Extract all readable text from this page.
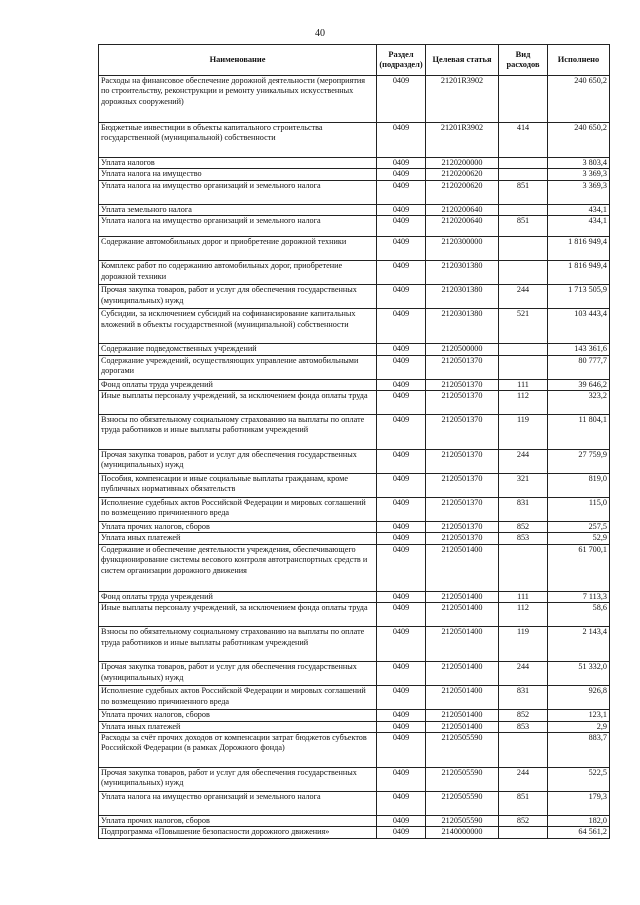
40
Наименование	Раздел (подраздел)	Целевая статья	Вид расходов	Исполнено
Расходы на финансовое обеспечение дорожной деятельности (мероприятия по строительству, реконструкции и ремонту уникальных искусственных дорожных сооружений)	0409	21201R3902		240 650,2
Бюджетные инвестиции в объекты капитального строительства государственной (муниципальной) собственности	0409	21201R3902	414	240 650,2
Уплата налогов	0409	2120200000		3 803,4
Уплата налога на имущество	0409	2120200620		3 369,3
Уплата налога на имущество организаций и земельного налога	0409	2120200620	851	3 369,3
Уплата земельного налога	0409	2120200640		434,1
Уплата налога на имущество организаций и земельного налога	0409	2120200640	851	434,1
Содержание автомобильных дорог и приобретение дорожной техники	0409	2120300000		1 816 949,4
Комплекс работ по содержанию автомобильных дорог, приобретение дорожной техники	0409	2120301380		1 816 949,4
Прочая закупка товаров, работ и услуг для обеспечения государственных (муниципальных) нужд	0409	2120301380	244	1 713 505,9
Субсидии, за исключением субсидий на софинансирование капитальных вложений в объекты государственной (муниципальной) собственности	0409	2120301380	521	103 443,4
Содержание подведомственных учреждений	0409	2120500000		143 361,6
Содержание учреждений, осуществляющих управление автомобильными дорогами	0409	2120501370		80 777,7
Фонд оплаты труда учреждений	0409	2120501370	111	39 646,2
Иные выплаты персоналу учреждений, за исключением фонда оплаты труда	0409	2120501370	112	323,2
Взносы по обязательному социальному страхованию на выплаты по оплате труда работников и иные выплаты работникам учреждений	0409	2120501370	119	11 804,1
Прочая закупка товаров, работ и услуг для обеспечения государственных (муниципальных) нужд	0409	2120501370	244	27 759,9
Пособия, компенсации и иные социальные выплаты гражданам, кроме публичных нормативных обязательств	0409	2120501370	321	819,0
Исполнение судебных актов Российской Федерации и мировых соглашений по возмещению причиненного вреда	0409	2120501370	831	115,0
Уплата прочих налогов, сборов	0409	2120501370	852	257,5
Уплата иных платежей	0409	2120501370	853	52,9
Содержание и обеспечение деятельности учреждения, обеспечивающего функционирование системы весового контроля автотранспортных средств и систем организации дорожного движения	0409	2120501400		61 700,1
Фонд оплаты труда учреждений	0409	2120501400	111	7 113,3
Иные выплаты персоналу учреждений, за исключением фонда оплаты труда	0409	2120501400	112	58,6
Взносы по обязательному социальному страхованию на выплаты по оплате труда работников и иные выплаты работникам учреждений	0409	2120501400	119	2 143,4
Прочая закупка товаров, работ и услуг для обеспечения государственных (муниципальных) нужд	0409	2120501400	244	51 332,0
Исполнение судебных актов Российской Федерации и мировых соглашений по возмещению причиненного вреда	0409	2120501400	831	926,8
Уплата прочих налогов, сборов	0409	2120501400	852	123,1
Уплата иных платежей	0409	2120501400	853	2,9
Расходы за счёт прочих доходов от компенсации затрат бюджетов субъектов Российской Федерации (в рамках Дорожного фонда)	0409	2120505590		883,7
Прочая закупка товаров, работ и услуг для обеспечения государственных (муниципальных) нужд	0409	2120505590	244	522,5
Уплата налога на имущество организаций и земельного налога	0409	2120505590	851	179,3
Уплата прочих налогов, сборов	0409	2120505590	852	182,0
Подпрограмма «Повышение безопасности дорожного движения»	0409	2140000000		64 561,2
